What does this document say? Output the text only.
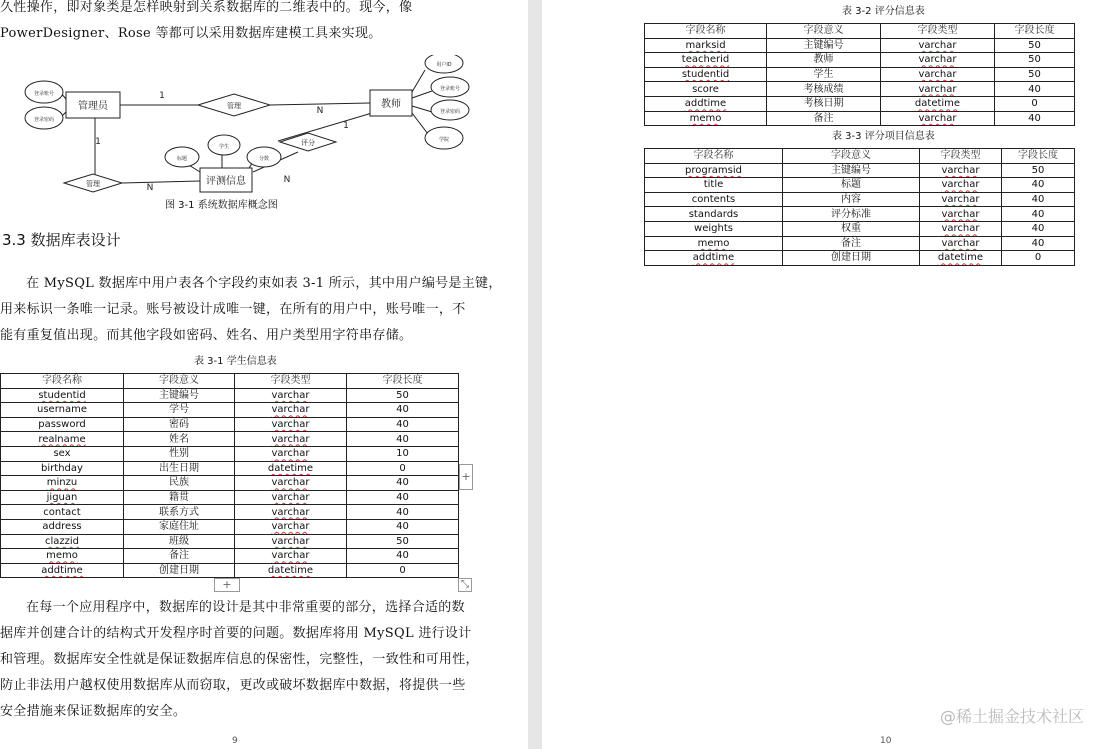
久性操作，即对象类是怎样映射到关系数据库的二维表中的。现今，像
PowerDesigner、Rose 等都可以采用数据库建模工具来实现。
管理员	教师
评测信息
管理
管理
评分
登录账号
登录密码
用户ID
登录账号
登录密码
学院
标题
学生
分数
1
N
1
N
1
N
图 3-1 系统数据库概念图
3.3 数据库表设计
在 MySQL 数据库中用户表各个字段约束如表 3-1 所示，其中用户编号是主键，
用来标识一条唯一记录。账号被设计成唯一键，在所有的用户中，账号唯一，不
能有重复值出现。而其他字段如密码、姓名、用户类型用字符串存储。
表 3-1 学生信息表
字段名称	字段意义	字段类型	字段长度
studentid	主键编号	varchar	50
username	学号	varchar	40
password	密码	varchar	40
realname	姓名	varchar	40
sex	性别	varchar	10
birthday	出生日期	datetime	0
minzu	民族	varchar	40
jiguan	籍贯	varchar	40
contact	联系方式	varchar	40
address	家庭住址	varchar	40
clazzid	班级	varchar	50
memo	备注	varchar	40
addtime	创建日期	datetime	0
+
+	⤡
在每一个应用程序中，数据库的设计是其中非常重要的部分，选择合适的数
据库并创建合计的结构式开发程序时首要的问题。数据库将用 MySQL 进行设计
和管理。数据库安全性就是保证数据库信息的保密性，完整性，一致性和可用性，
防止非法用户越权使用数据库从而窃取，更改或破坏数据库中数据，将提供一些
安全措施来保证数据库的安全。
9
表 3-2 评分信息表
字段名称	字段意义	字段类型	字段长度
marksid	主键编号	varchar	50
teacherid	教师	varchar	50
studentid	学生	varchar	50
score	考核成绩	varchar	40
addtime	考核日期	datetime	0
memo	备注	varchar	40
表 3-3 评分项目信息表
字段名称	字段意义	字段类型	字段长度
programsid	主键编号	varchar	50
title	标题	varchar	40
contents	内容	varchar	40
standards	评分标准	varchar	40
weights	权重	varchar	40
memo	备注	varchar	40
addtime	创建日期	datetime	0
10
@稀土掘金技术社区
